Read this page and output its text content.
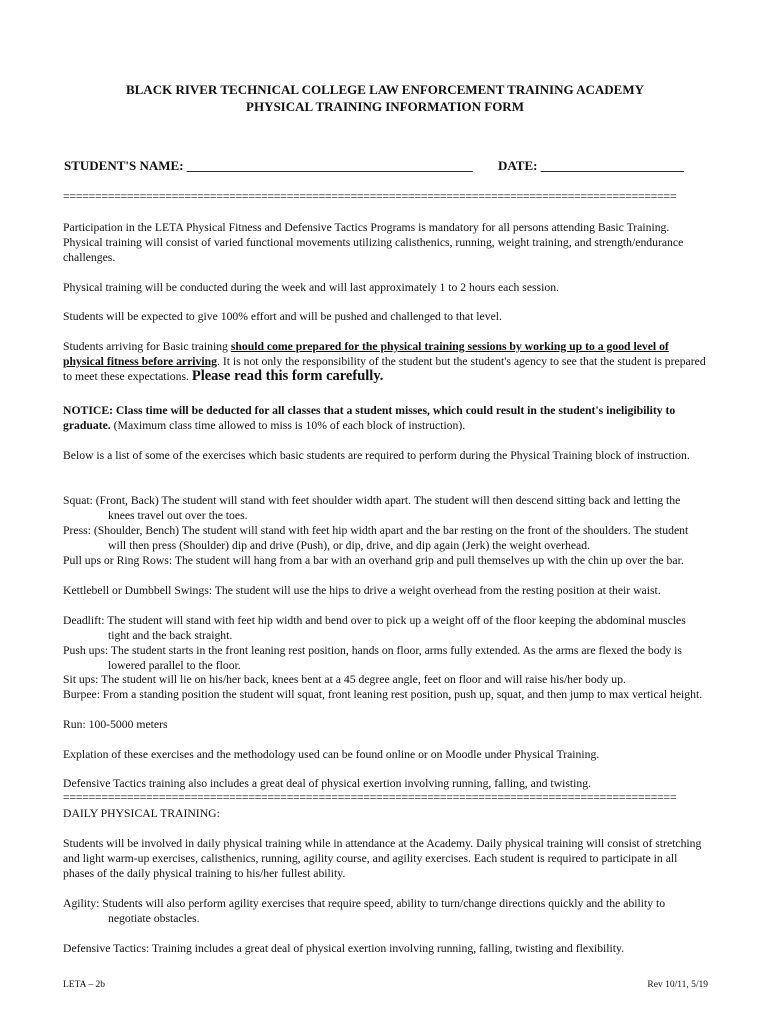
BLACK RIVER TECHNICAL COLLEGE LAW ENFORCEMENT TRAINING ACADEMY
PHYSICAL TRAINING INFORMATION FORM
STUDENT'S NAME: ____________________________________________ DATE: ______________________
================================================================================================
Participation in the LETA Physical Fitness and Defensive Tactics Programs is mandatory for all persons attending Basic Training. Physical training will consist of varied functional movements utilizing calisthenics, running, weight training, and strength/endurance challenges.
Physical training will be conducted during the week and will last approximately 1 to 2 hours each session.
Students will be expected to give 100% effort and will be pushed and challenged to that level.
Students arriving for Basic training should come prepared for the physical training sessions by working up to a good level of physical fitness before arriving. It is not only the responsibility of the student but the student's agency to see that the student is prepared to meet these expectations. Please read this form carefully.
NOTICE: Class time will be deducted for all classes that a student misses, which could result in the student's ineligibility to graduate. (Maximum class time allowed to miss is 10% of each block of instruction).
Below is a list of some of the exercises which basic students are required to perform during the Physical Training block of instruction.
Squat: (Front, Back) The student will stand with feet shoulder width apart. The student will then descend sitting back and letting the knees travel out over the toes.
Press: (Shoulder, Bench) The student will stand with feet hip width apart and the bar resting on the front of the shoulders. The student will then press (Shoulder) dip and drive (Push), or dip, drive, and dip again (Jerk) the weight overhead.
Pull ups or Ring Rows: The student will hang from a bar with an overhand grip and pull themselves up with the chin up over the bar.
Kettlebell or Dumbbell Swings: The student will use the hips to drive a weight overhead from the resting position at their waist.
Deadlift: The student will stand with feet hip width and bend over to pick up a weight off of the floor keeping the abdominal muscles tight and the back straight.
Push ups: The student starts in the front leaning rest position, hands on floor, arms fully extended. As the arms are flexed the body is lowered parallel to the floor.
Sit ups: The student will lie on his/her back, knees bent at a 45 degree angle, feet on floor and will raise his/her body up.
Burpee: From a standing position the student will squat, front leaning rest position, push up, squat, and then jump to max vertical height.
Run: 100-5000 meters
Explation of these exercises and the methodology used can be found online or on Moodle under Physical Training.
Defensive Tactics training also includes a great deal of physical exertion involving running, falling, and twisting.
================================================================================================
DAILY PHYSICAL TRAINING:
Students will be involved in daily physical training while in attendance at the Academy. Daily physical training will consist of stretching and light warm-up exercises, calisthenics, running, agility course, and agility exercises. Each student is required to participate in all phases of the daily physical training to his/her fullest ability.
Agility: Students will also perform agility exercises that require speed, ability to turn/change directions quickly and the ability to negotiate obstacles.
Defensive Tactics: Training includes a great deal of physical exertion involving running, falling, twisting and flexibility.
LETA – 2b	Rev 10/11, 5/19
